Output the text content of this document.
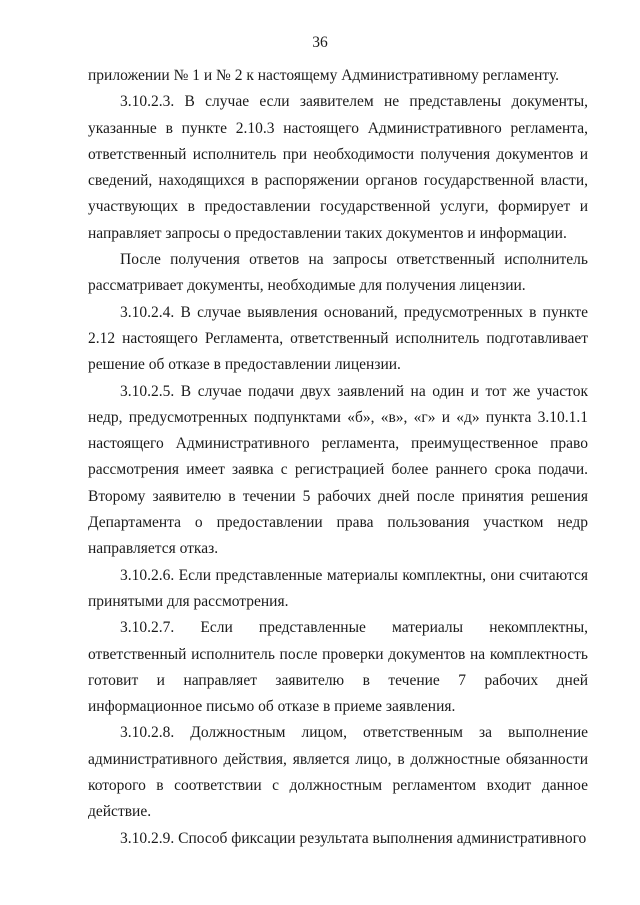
36

приложении № 1 и № 2 к настоящему Административному регламенту.

3.10.2.3. В случае если заявителем не представлены документы, указанные в пункте 2.10.3 настоящего Административного регламента, ответственный исполнитель при необходимости получения документов и сведений, находящихся в распоряжении органов государственной власти, участвующих в предоставлении государственной услуги, формирует и направляет запросы о предоставлении таких документов и информации.

После получения ответов на запросы ответственный исполнитель рассматривает документы, необходимые для получения лицензии.

3.10.2.4. В случае выявления оснований, предусмотренных в пункте 2.12 настоящего Регламента, ответственный исполнитель подготавливает решение об отказе в предоставлении лицензии.

3.10.2.5. В случае подачи двух заявлений на один и тот же участок недр, предусмотренных подпунктами «б», «в», «г» и «д» пункта 3.10.1.1 настоящего Административного регламента, преимущественное право рассмотрения имеет заявка с регистрацией более раннего срока подачи. Второму заявителю в течении 5 рабочих дней после принятия решения Департамента о предоставлении права пользования участком недр направляется отказ.

3.10.2.6. Если представленные материалы комплектны, они считаются принятыми для рассмотрения.

3.10.2.7. Если представленные материалы некомплектны, ответственный исполнитель после проверки документов на комплектность готовит и направляет заявителю в течение 7 рабочих дней информационное письмо об отказе в приеме заявления.

3.10.2.8. Должностным лицом, ответственным за выполнение административного действия, является лицо, в должностные обязанности которого в соответствии с должностным регламентом входит данное действие.

3.10.2.9. Способ фиксации результата выполнения административного
